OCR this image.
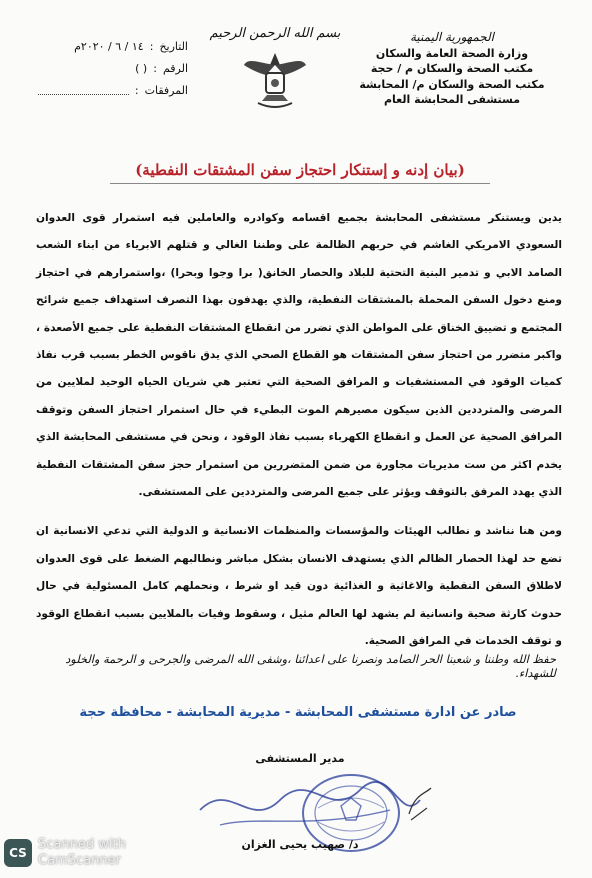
الجمهورية اليمنية
وزارة الصحة العامة والسكان
مكتب الصحة والسكان م / حجة
مكتب الصحة والسكان م/ المحابشة
مستشفى المحابشة العام
بسم الله الرحمن الرحيم
التاريخ
:
١٤ / ٦ / ٢٠٢٠م
الرقم
:
( )
المرفقات
:
(بيان إدنه و إستنكار احتجاز سفن المشتقات النفطية)

يدين ويستنكر مستشفى المحابشة بجميع اقسامه وكوادره والعاملين فيه استمرار قوى العدوان السعودي الامريكي الغاشم في حربهم الظالمة على وطننا الغالي و قتلهم الابرياء من ابناء الشعب الصامد الابي و تدمير البنية التحتية للبلاد والحصار الخانق( برا وجوا وبحرا) ،واستمرارهم في احتجاز ومنع دخول السفن المحملة بالمشتقات النفطية، والذي يهدفون بهذا التصرف استهداف جميع شرائح المجتمع و تضييق الخناق على المواطن الذي تضرر من انقطاع المشتقات النفطية على جميع الأصعدة ، واكبر متضرر من احتجاز سفن المشتقات هو القطاع الصحي الذي يدق ناقوس الخطر بسبب قرب نفاذ كميات الوقود في المستشفيات و المرافق الصحية التي تعتبر هي شريان الحياه الوحيد لملايين من المرضى والمترددين الذين سيكون مصيرهم الموت البطيء في حال استمرار احتجاز السفن وتوقف المرافق الصحية عن العمل و انقطاع الكهرباء بسبب نفاذ الوقود ، ونحن في مستشفى المحابشة الذي يخدم اكثر من ست مديريات مجاورة من ضمن المتضررين من استمرار حجز سفن المشتقات النفطية الذي يهدد المرفق بالتوقف ويؤثر على جميع المرضى والمترددين على المستشفى.

ومن هنا نناشد و نطالب الهيئات والمؤسسات والمنظمات الانسانية و الدولية التي تدعي الانسانية ان تضع حد لهذا الحصار الظالم الذي يستهدف الانسان بشكل مباشر ونطالبهم الضغط على قوى العدوان لاطلاق السفن النفطية والاغاثية و الغذائية دون قيد او شرط ، ونحملهم كامل المسئولية في حال حدوث كارثة صحية وانسانية لم يشهد لها العالم مثيل ، وسقوط وفيات بالملايين بسبب انقطاع الوقود و توقف الخدمات في المرافق الصحية.

حفظ الله وطننا و شعبنا الحر الصامد ونصرنا على اعدائنا ،وشفى الله المرضى والجرحى و الرحمة والخلود للشهداء.
صادر عن ادارة مستشفى المحابشة - مديرية المحابشة - محافظة حجة
مدير المستشفى
د/ صهيب يحيى الغزان
CS
Scanned with
CamScanner
